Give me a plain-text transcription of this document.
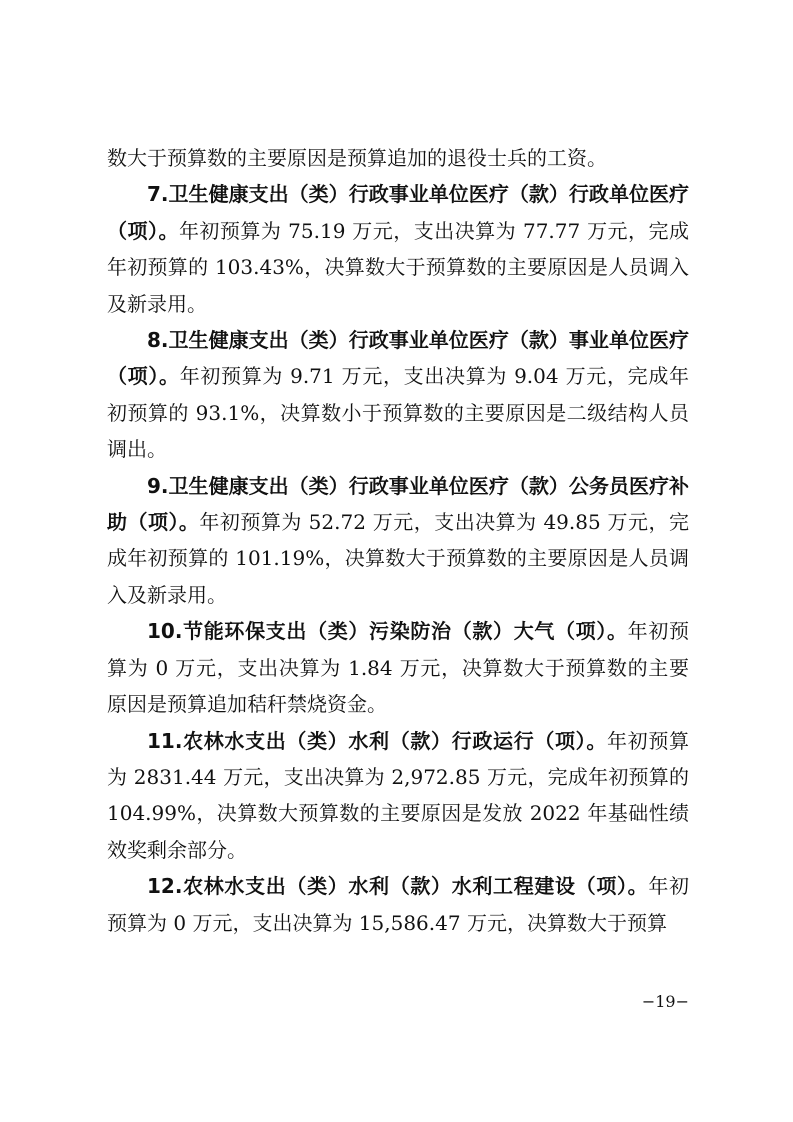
数大于预算数的主要原因是预算追加的退役士兵的工资。

7.卫生健康支出（类）行政事业单位医疗（款）行政单位医疗（项）。年初预算为 75.19 万元，支出决算为 77.77 万元，完成年初预算的 103.43%，决算数大于预算数的主要原因是人员调入及新录用。

8.卫生健康支出（类）行政事业单位医疗（款）事业单位医疗（项）。年初预算为 9.71 万元，支出决算为 9.04 万元，完成年初预算的 93.1%，决算数小于预算数的主要原因是二级结构人员调出。

9.卫生健康支出（类）行政事业单位医疗（款）公务员医疗补助（项）。年初预算为 52.72 万元，支出决算为 49.85 万元，完成年初预算的 101.19%，决算数大于预算数的主要原因是人员调入及新录用。

10.节能环保支出（类）污染防治（款）大气（项）。年初预算为 0 万元，支出决算为 1.84 万元，决算数大于预算数的主要原因是预算追加秸秆禁烧资金。

11.农林水支出（类）水利（款）行政运行（项）。年初预算为 2831.44 万元，支出决算为 2,972.85 万元，完成年初预算的 104.99%，决算数大预算数的主要原因是发放 2022 年基础性绩效奖剩余部分。

12.农林水支出（类）水利（款）水利工程建设（项）。年初预算为 0 万元，支出决算为 15,586.47 万元，决算数大于预算

−19−
